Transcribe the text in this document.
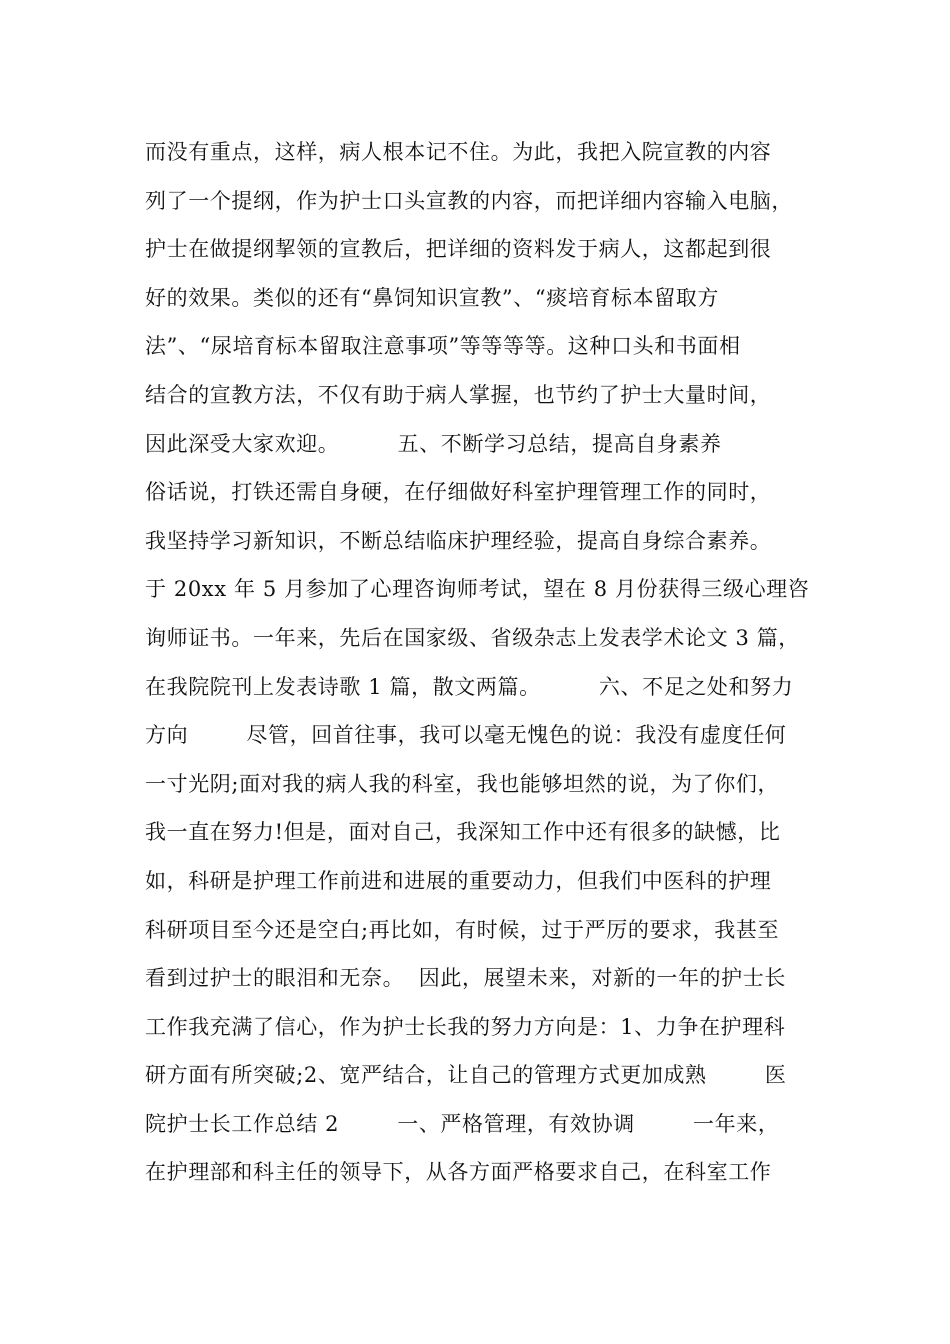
而没有重点，这样，病人根本记不住。为此，我把入院宣教的内容
列了一个提纲，作为护士口头宣教的内容，而把详细内容输入电脑，
护士在做提纲挈领的宣教后，把详细的资料发于病人，这都起到很
好的效果。类似的还有“鼻饲知识宣教”、“痰培育标本留取方
法”、“尿培育标本留取注意事项”等等等等。这种口头和书面相
结合的宣教方法，不仅有助于病人掌握，也节约了护士大量时间，
因此深受大家欢迎。        五、不断学习总结，提高自身素养
俗话说，打铁还需自身硬，在仔细做好科室护理管理工作的同时，
我坚持学习新知识，不断总结临床护理经验，提高自身综合素养。
于 20xx 年 5 月参加了心理咨询师考试，望在 8 月份获得三级心理咨
询师证书。一年来，先后在国家级、省级杂志上发表学术论文 3 篇，
在我院院刊上发表诗歌 1 篇，散文两篇。        六、不足之处和努力
方向        尽管，回首往事，我可以毫无愧色的说：我没有虚度任何
一寸光阴;面对我的病人我的科室，我也能够坦然的说，为了你们，
我一直在努力!但是，面对自己，我深知工作中还有很多的缺憾，比
如，科研是护理工作前进和进展的重要动力，但我们中医科的护理
科研项目至今还是空白;再比如，有时候，过于严厉的要求，我甚至
看到过护士的眼泪和无奈。  因此，展望未来，对新的一年的护士长
工作我充满了信心，作为护士长我的努力方向是：1、力争在护理科
研方面有所突破;2、宽严结合，让自己的管理方式更加成熟        医
院护士长工作总结 2        一、严格管理，有效协调        一年来，
在护理部和科主任的领导下，从各方面严格要求自己，在科室工作
